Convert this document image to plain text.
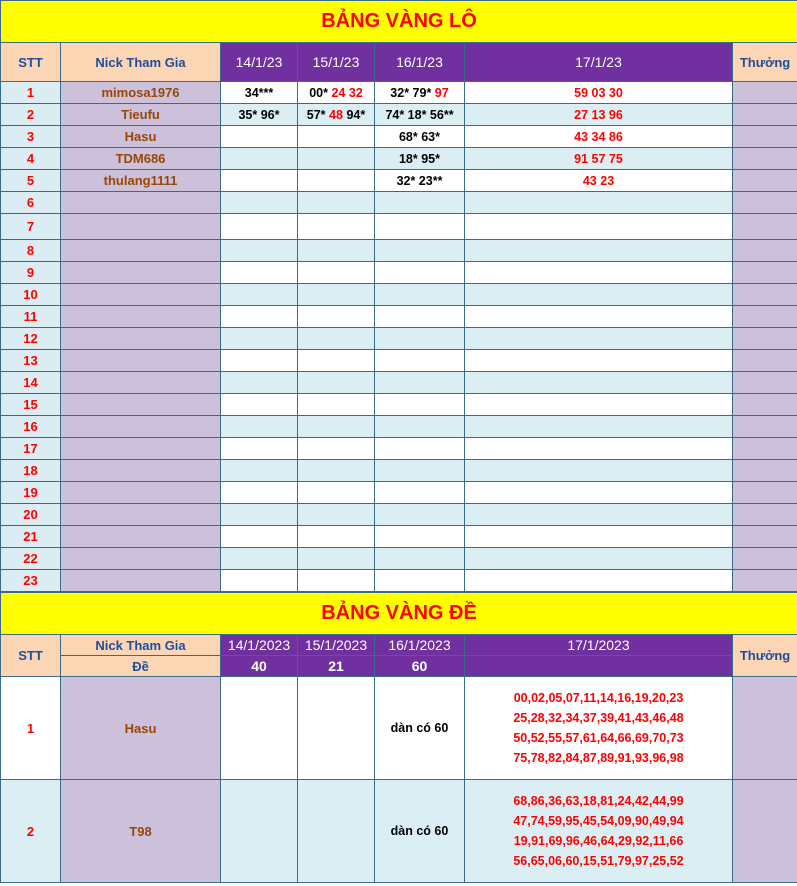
BẢNG VÀNG LÔ						
STT	Nick Tham Gia	14/1/23	15/1/23	16/1/23	17/1/23	Thưởng
1	mimosa1976	34***	00* 24 32	32* 79* 97	59 03 30	
2	Tieufu	35* 96*	57* 48 94*	74* 18* 56**	27 13 96	
3	Hasu			68* 63*	43 34 86	
4	TDM686			18* 95*	91 57 75	
5	thulang1111			32* 23**	43 23	
6						
7						
8						
9						
10						
11						
12						
13						
14						
15						
16						
17						
18						
19						
20						
21						
22						
23						
BẢNG VÀNG ĐỀ						
STT	Nick Tham Gia	14/1/2023	15/1/2023	16/1/2023	17/1/2023	Thưởng
	Đề	40	21	60		
1	Hasu			dàn có 60	00,02,05,07,11,14,16,19,20,23
25,28,32,34,37,39,41,43,46,48
50,52,55,57,61,64,66,69,70,73
75,78,82,84,87,89,91,93,96,98	

2	T98			dàn có 60	68,86,36,63,18,81,24,42,44,99
47,74,59,95,45,54,09,90,49,94
19,91,69,96,46,64,29,92,11,66
56,65,06,60,15,51,79,97,25,52	
